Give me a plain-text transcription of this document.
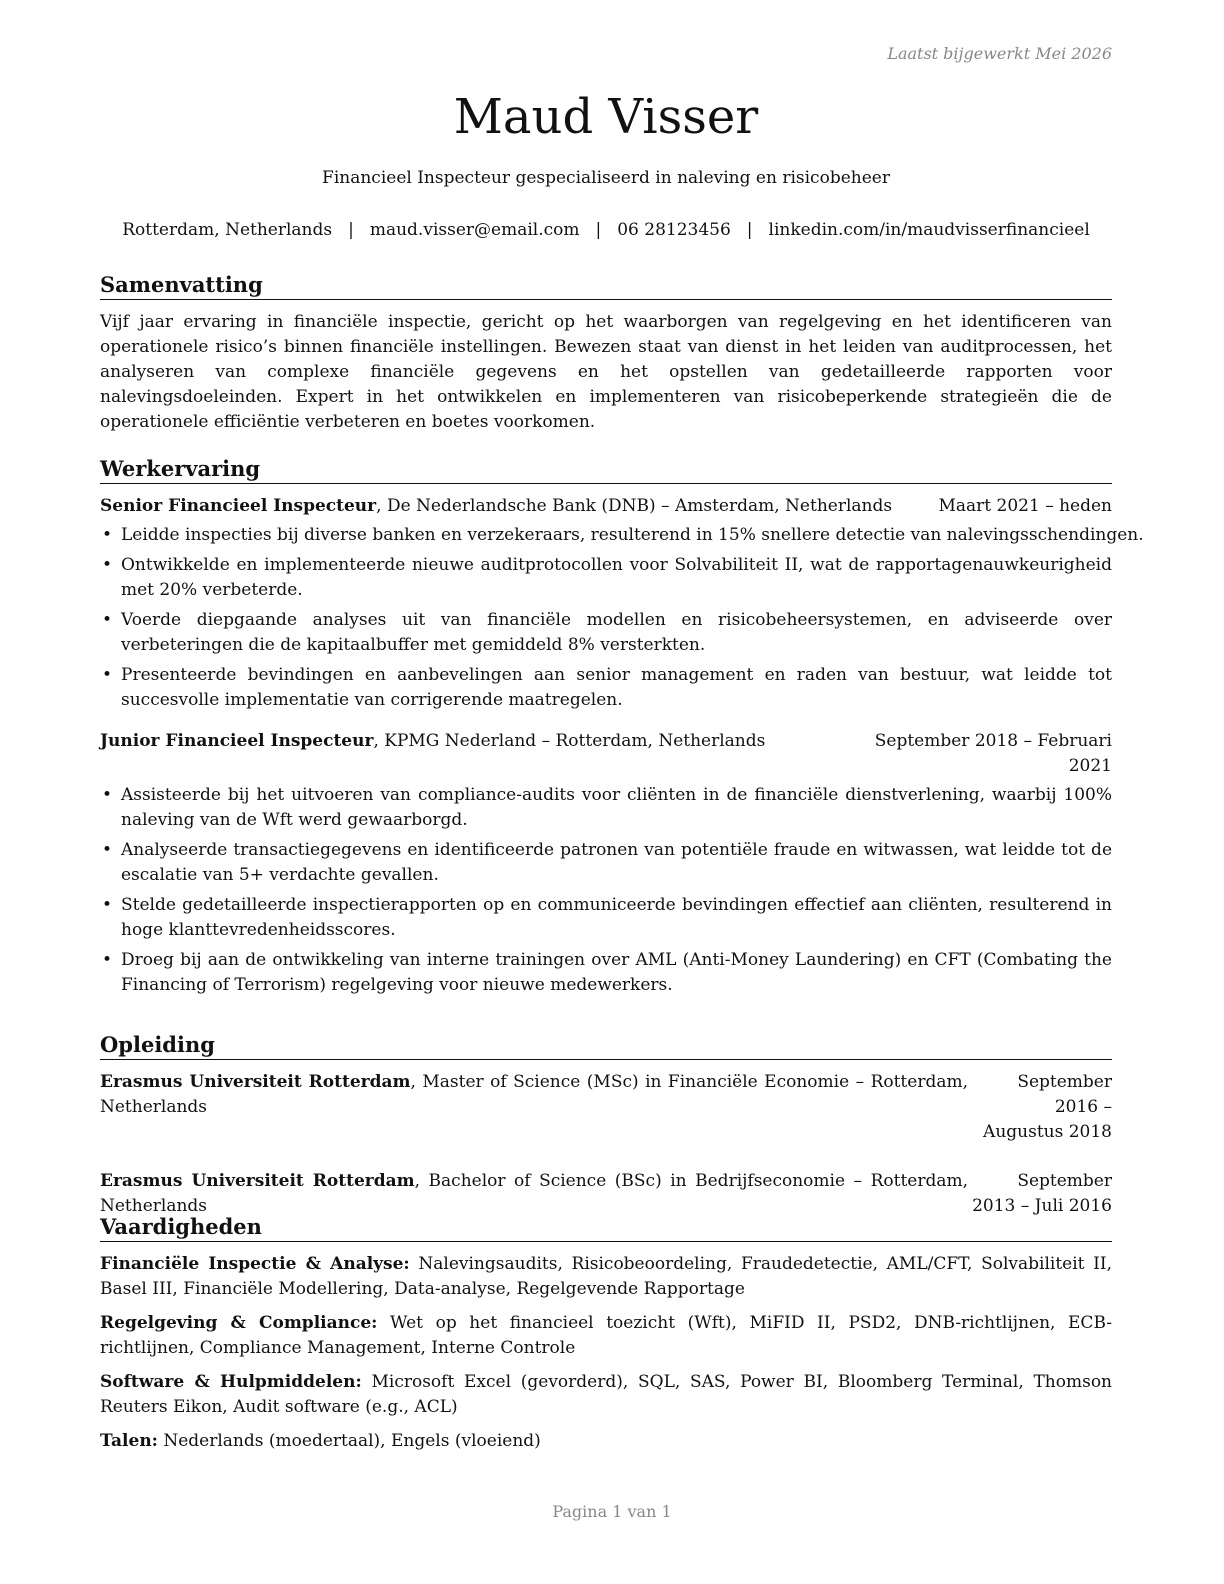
Laatst bijgewerkt Mei 2026
Maud Visser
Financieel Inspecteur gespecialiseerd in naleving en risicobeheer
Rotterdam, Netherlands | maud.visser@email.com | 06 28123456 | linkedin.com/in/maudvisserfinancieel
Samenvatting

Vijf jaar ervaring in financiële inspectie, gericht op het waarborgen van regelgeving en het identificeren van operationele risico’s binnen financiële instellingen. Bewezen staat van dienst in het leiden van auditprocessen, het analyseren van complexe financiële gegevens en het opstellen van gedetailleerde rapporten voor nalevingsdoeleinden. Expert in het ontwikkelen en implementeren van risicobeperkende strategieën die de operationele efficiëntie verbeteren en boetes voorkomen.

Werkervaring
Senior Financieel Inspecteur, De Nederlandsche Bank (DNB) – Amsterdam, Netherlands	Maart 2021 – heden
• Leidde inspecties bij diverse banken en verzekeraars, resulterend in 15% snellere detectie van nalevingsschendingen.
• Ontwikkelde en implementeerde nieuwe auditprotocollen voor Solvabiliteit II, wat de rapportagenauwkeurigheid met 20% verbeterde.
• Voerde diepgaande analyses uit van financiële modellen en risicobeheersystemen, en adviseerde over verbeteringen die de kapitaalbuffer met gemiddeld 8% versterkten.
• Presenteerde bevindingen en aanbevelingen aan senior management en raden van bestuur, wat leidde tot succesvolle implementatie van corrigerende maatregelen.
Junior Financieel Inspecteur, KPMG Nederland – Rotterdam, Netherlands	September 2018 – Februari 2021
• Assisteerde bij het uitvoeren van compliance-audits voor cliënten in de financiële dienstverlening, waarbij 100% naleving van de Wft werd gewaarborgd.
• Analyseerde transactiegegevens en identificeerde patronen van potentiële fraude en witwassen, wat leidde tot de escalatie van 5+ verdachte gevallen.
• Stelde gedetailleerde inspectierapporten op en communiceerde bevindingen effectief aan cliënten, resulterend in hoge klanttevredenheidsscores.
• Droeg bij aan de ontwikkeling van interne trainingen over AML (Anti-Money Laundering) en CFT (Combating the Financing of Terrorism) regelgeving voor nieuwe medewerkers.
Opleiding
Erasmus Universiteit Rotterdam, Master of Science (MSc) in Financiële Economie – Rotterdam, Netherlands
September 2016 – Augustus 2018
Erasmus Universiteit Rotterdam, Bachelor of Science (BSc) in Bedrijfseconomie – Rotterdam, Netherlands
September 2013 – Juli 2016
Vaardigheden
Financiële Inspectie & Analyse: Nalevingsaudits, Risicobeoordeling, Fraudedetectie, AML/CFT, Solvabiliteit II, Basel III, Financiële Modellering, Data-analyse, Regelgevende Rapportage
Regelgeving & Compliance: Wet op het financieel toezicht (Wft), MiFID II, PSD2, DNB-richtlijnen, ECB-richtlijnen, Compliance Management, Interne Controle
Software & Hulpmiddelen: Microsoft Excel (gevorderd), SQL, SAS, Power BI, Bloomberg Terminal, Thomson Reuters Eikon, Audit software (e.g., ACL)
Talen: Nederlands (moedertaal), Engels (vloeiend)
Pagina 1 van 1
